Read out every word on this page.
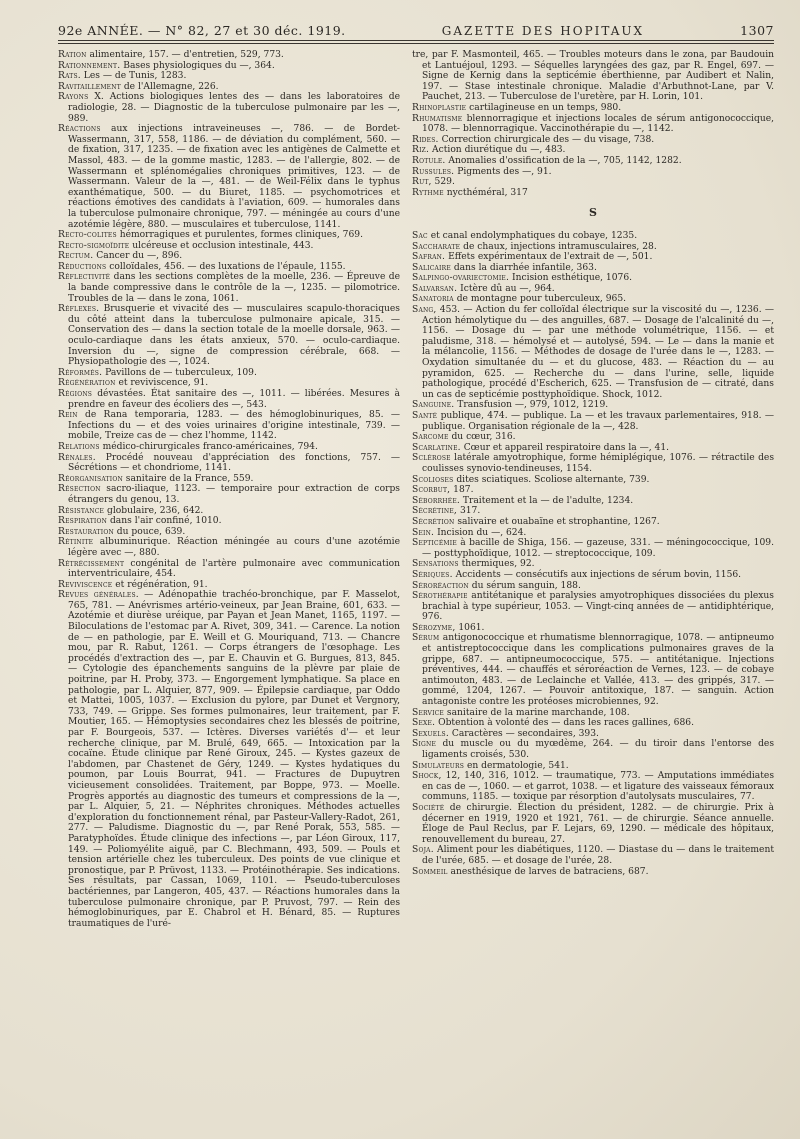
92e ANNÉE. — N° 82, 27 et 30 déc. 1919.	GAZETTE DES HOPITAUX	1307

Ration alimentaire, 157. — d'entretien, 529, 773.

Rationnement. Bases physiologiques du —, 364.

Rats. Les — de Tunis, 1283.

Ravitaillement de l'Allemagne, 226.

Rayons X. Actions biologiques lentes des — dans les laboratoires de radiologie, 28. — Diagnostic de la tuberculose pulmonaire par les —, 989.

Réactions aux injections intraveineuses —, 786. — de Bordet-Wassermann, 317, 558, 1186. — de déviation du complément, 560. — de fixation, 317, 1235. — de fixation avec les antigènes de Calmette et Massol, 483. — de la gomme mastic, 1283. — de l'allergie, 802. — de Wassermann et splénomégalies chroniques primitives, 123. — de Wassermann. Valeur de la —, 481. — de Weil-Félix dans le typhus exanthématique, 500. — du Biuret, 1185. — psychomotrices et réactions émotives des candidats à l'aviation, 609. — humorales dans la tuberculose pulmonaire chronique, 797. — méningée au cours d'une azotémie légère, 880. — musculaires et tuberculose, 1141.

Recto-colites hémorragiques et purulentes, formes cliniques, 769.

Recto-sigmoïdite ulcéreuse et occlusion intestinale, 443.

Rectum. Cancer du —, 896.

Réductions colloïdales, 456. — des luxations de l'épaule, 1155.

Réflectivité dans les sections complètes de la moelle, 236. — Épreuve de la bande compressive dans le contrôle de la —, 1235. — pilomotrice. Troubles de la — dans le zona, 1061.

Réflexes. Brusquerie et vivacité des — musculaires scapulo-thoraciques du côté atteint dans la tuberculose pulmonaire apicale, 315. — Conservation des — dans la section totale de la moelle dorsale, 963. — oculo-cardiaque dans les états anxieux, 570. — oculo-cardiaque. Inversion du —, signe de compression cérébrale, 668. — Physiopathologie des —, 1024.

Réformés. Pavillons de — tuberculeux, 109.

Régénération et reviviscence, 91.

Régions dévastées. État sanitaire des —, 1011. — libérées. Mesures à prendre en faveur des écoliers des —, 543.

Rein de Rana temporaria, 1283. — des hémoglobinuriques, 85. — Infections du — et des voies urinaires d'origine intestinale, 739. — mobile, Treize cas de — chez l'homme, 1142.

Relations médico-chirurgicales franco-américaines, 794.

Rénales. Procédé nouveau d'appréciation des fonctions, 757. — Sécrétions — et chondriome, 1141.

Réorganisation sanitaire de la France, 559.

Résection sacro-iliaque, 1123. — temporaire pour extraction de corps étrangers du genou, 13.

Résistance globulaire, 236, 642.

Respiration dans l'air confiné, 1010.

Restauration du pouce, 639.

Rétinite albuminurique. Réaction méningée au cours d'une azotémie légère avec —, 880.

Rétrécissement congénital de l'artère pulmonaire avec communication interventriculaire, 454.

Reviviscence et régénération, 91.

Revues générales. — Adénopathie trachéo-bronchique, par F. Masselot, 765, 781. — Anévrismes artério-veineux, par Jean Braine, 601, 633. — Azotémie et diurèse uréique, par Payan et Jean Manet, 1165, 1197. — Biloculations de l'estomac par A. Rivet, 309, 341. — Carence. La notion de — en pathologie, par E. Weill et G. Mouriquand, 713. — Chancre mou, par R. Rabut, 1261. — Corps étrangers de l'œsophage. Les procédés d'extraction des —, par E. Chauvin et G. Burgues, 813, 845. — Cytologie des épanchements sanguins de la plèvre par plaie de poitrine, par H. Proby, 373. — Engorgement lymphatique. Sa place en pathologie, par L. Alquier, 877, 909. — Épilepsie cardiaque, par Oddo et Mattei, 1005, 1037. — Exclusion du pylore, par Dunet et Vergnory, 733, 749. — Grippe. Ses formes pulmonaires, leur traitement, par F. Moutier, 165. — Hémoptysies secondaires chez les blessés de poitrine, par F. Bourgeois, 537. — Ictères. Diverses variétés d'— et leur recherche clinique, par M. Brulé, 649, 665. — Intoxication par la cocaïne. Étude clinique par René Giroux, 245. — Kystes gazeux de l'abdomen, par Chastenet de Géry, 1249. — Kystes hydatiques du poumon, par Louis Bourrat, 941. — Fractures de Dupuytren vicieusement consolidées. Traitement, par Boppe, 973. — Moelle. Progrès apportés au diagnostic des tumeurs et compressions de la —, par L. Alquier, 5, 21. — Néphrites chroniques. Méthodes actuelles d'exploration du fonctionnement rénal, par Pasteur-Vallery-Radot, 261, 277. — Paludisme. Diagnostic du —, par René Porak, 553, 585. — Paratyphoïdes. Étude clinique des infections —, par Léon Giroux, 117, 149. — Poliomyélite aiguë, par C. Blechmann, 493, 509. — Pouls et tension artérielle chez les tuberculeux. Des points de vue clinique et pronostique, par P. Prüvost, 1133. — Protéinothérapie. Ses indications. Ses résultats, par Cassan, 1069, 1101. — Pseudo-tuberculoses bactériennes, par Langeron, 405, 437. — Réactions humorales dans la tuberculose pulmonaire chronique, par P. Pruvost, 797. — Rein des hémoglobinuriques, par E. Chabrol et H. Bénard, 85. — Ruptures traumatiques de l'uré-

tre, par F. Masmonteil, 465. — Troubles moteurs dans le zona, par Baudouin et Lantuéjoul, 1293. — Séquelles laryngées des gaz, par R. Engel, 697. — Signe de Kernig dans la septicémie éberthienne, par Audibert et Nalin, 197. — Stase intestinale chronique. Maladie d'Arbuthnot-Lane, par V. Pauchet, 213. — Tuberculose de l'uretère, par H. Lorin, 101.

Rhinoplastie cartilagineuse en un temps, 980.

Rhumatisme blennorragique et injections locales de sérum antigonococcique, 1078. — blennorragique. Vaccinothérapie du —, 1142.

Rides. Correction chirurgicale des — du visage, 738.

Riz. Action diurétique du —, 483.

Rotule. Anomalies d'ossification de la —, 705, 1142, 1282.

Russules. Pigments des —, 91.

Rut, 529.

Rythme nycthéméral, 317

S

Sac et canal endolymphatiques du cobaye, 1235.

Saccharate de chaux, injections intramusculaires, 28.

Safran. Effets expérimentaux de l'extrait de —, 501.

Salicaire dans la diarrhée infantile, 363.

Salpingo-ovariectomie. Incision esthétique, 1076.

Salvarsan. Ictère dû au —, 964.

Sanatoria de montagne pour tuberculeux, 965.

Sang, 453. — Action du fer colloïdal électrique sur la viscosité du —, 1236. — Action hémolytique du — des anguilles, 687. — Dosage de l'alcalinité du —, 1156. — Dosage du — par une méthode volumétrique, 1156. — et paludisme, 318. — hémolysé et — autolysé, 594. — Le — dans la manie et la mélancolie, 1156. — Méthodes de dosage de l'urée dans le —, 1283. — Oxydation simultanée du — et du glucose, 483. — Réaction du — au pyramidon, 625. — Recherche du — dans l'urine, selle, liquide pathologique, procédé d'Escherich, 625. — Transfusion de — citraté, dans un cas de septicémie posttyphoïdique. Shock, 1012.

Sanguine. Transfusion —, 979, 1012, 1219.

Santé publique, 474. — publique. La — et les travaux parlementaires, 918. — publique. Organisation régionale de la —, 428.

Sarcome du cœur, 316.

Scarlatine. Cœur et appareil respiratoire dans la —, 41.

Sclérose latérale amyotrophique, forme hémiplégique, 1076. — rétractile des coulisses synovio-tendineuses, 1154.

Scolioses dites sciatiques. Scoliose alternante, 739.

Scorbut, 187.

Séborrhée. Traitement et la — de l'adulte, 1234.

Sécrétine, 317.

Sécrétion salivaire et ouabaïne et strophantine, 1267.

Sein. Incision du —, 624.

Septicémie à bacille de Shiga, 156. — gazeuse, 331. — méningococcique, 109. — posttyphoïdique, 1012. — streptococcique, 109.

Sensations thermiques, 92.

Sériques. Accidents — consécutifs aux injections de sérum bovin, 1156.

Séroréaction du sérum sanguin, 188.

Sérothérapie antitétanique et paralysies amyotrophiques dissociées du plexus brachial à type supérieur, 1053. — Vingt-cinq années de — antidiphtérique, 976.

Sérozyme, 1061.

Sérum antigonococcique et rhumatisme blennorragique, 1078. — antipneumo et antistreptococcique dans les complications pulmonaires graves de la grippe, 687. — antipneumococcique, 575. — antitétanique. Injections préventives, 444. — chauffés et séroréaction de Vernes, 123. — de cobaye antimouton, 483. — de Leclainche et Vallée, 413. — des grippés, 317. — gommé, 1204, 1267. — Pouvoir antitoxique, 187. — sanguin. Action antagoniste contre les protéoses microbiennes, 92.

Service sanitaire de la marine marchande, 108.

Sexe. Obtention à volonté des — dans les races gallines, 686.

Sexuels. Caractères — secondaires, 393.

Signe du muscle ou du myœdème, 264. — du tiroir dans l'entorse des ligaments croisés, 530.

Simulateurs en dermatologie, 541.

Shock, 12, 140, 316, 1012. — traumatique, 773. — Amputations immédiates en cas de —, 1060. — et garrot, 1038. — et ligature des vaisseaux fémoraux communs, 1185. — toxique par résorption d'autolysats musculaires, 77.

Société de chirurgie. Élection du président, 1282. — de chirurgie. Prix à décerner en 1919, 1920 et 1921, 761. — de chirurgie. Séance annuelle. Éloge de Paul Reclus, par F. Lejars, 69, 1290. — médicale des hôpitaux, renouvellement du bureau, 27.

Soja. Aliment pour les diabétiques, 1120. — Diastase du — dans le traitement de l'urée, 685. — et dosage de l'urée, 28.

Sommeil anesthésique de larves de batraciens, 687.
